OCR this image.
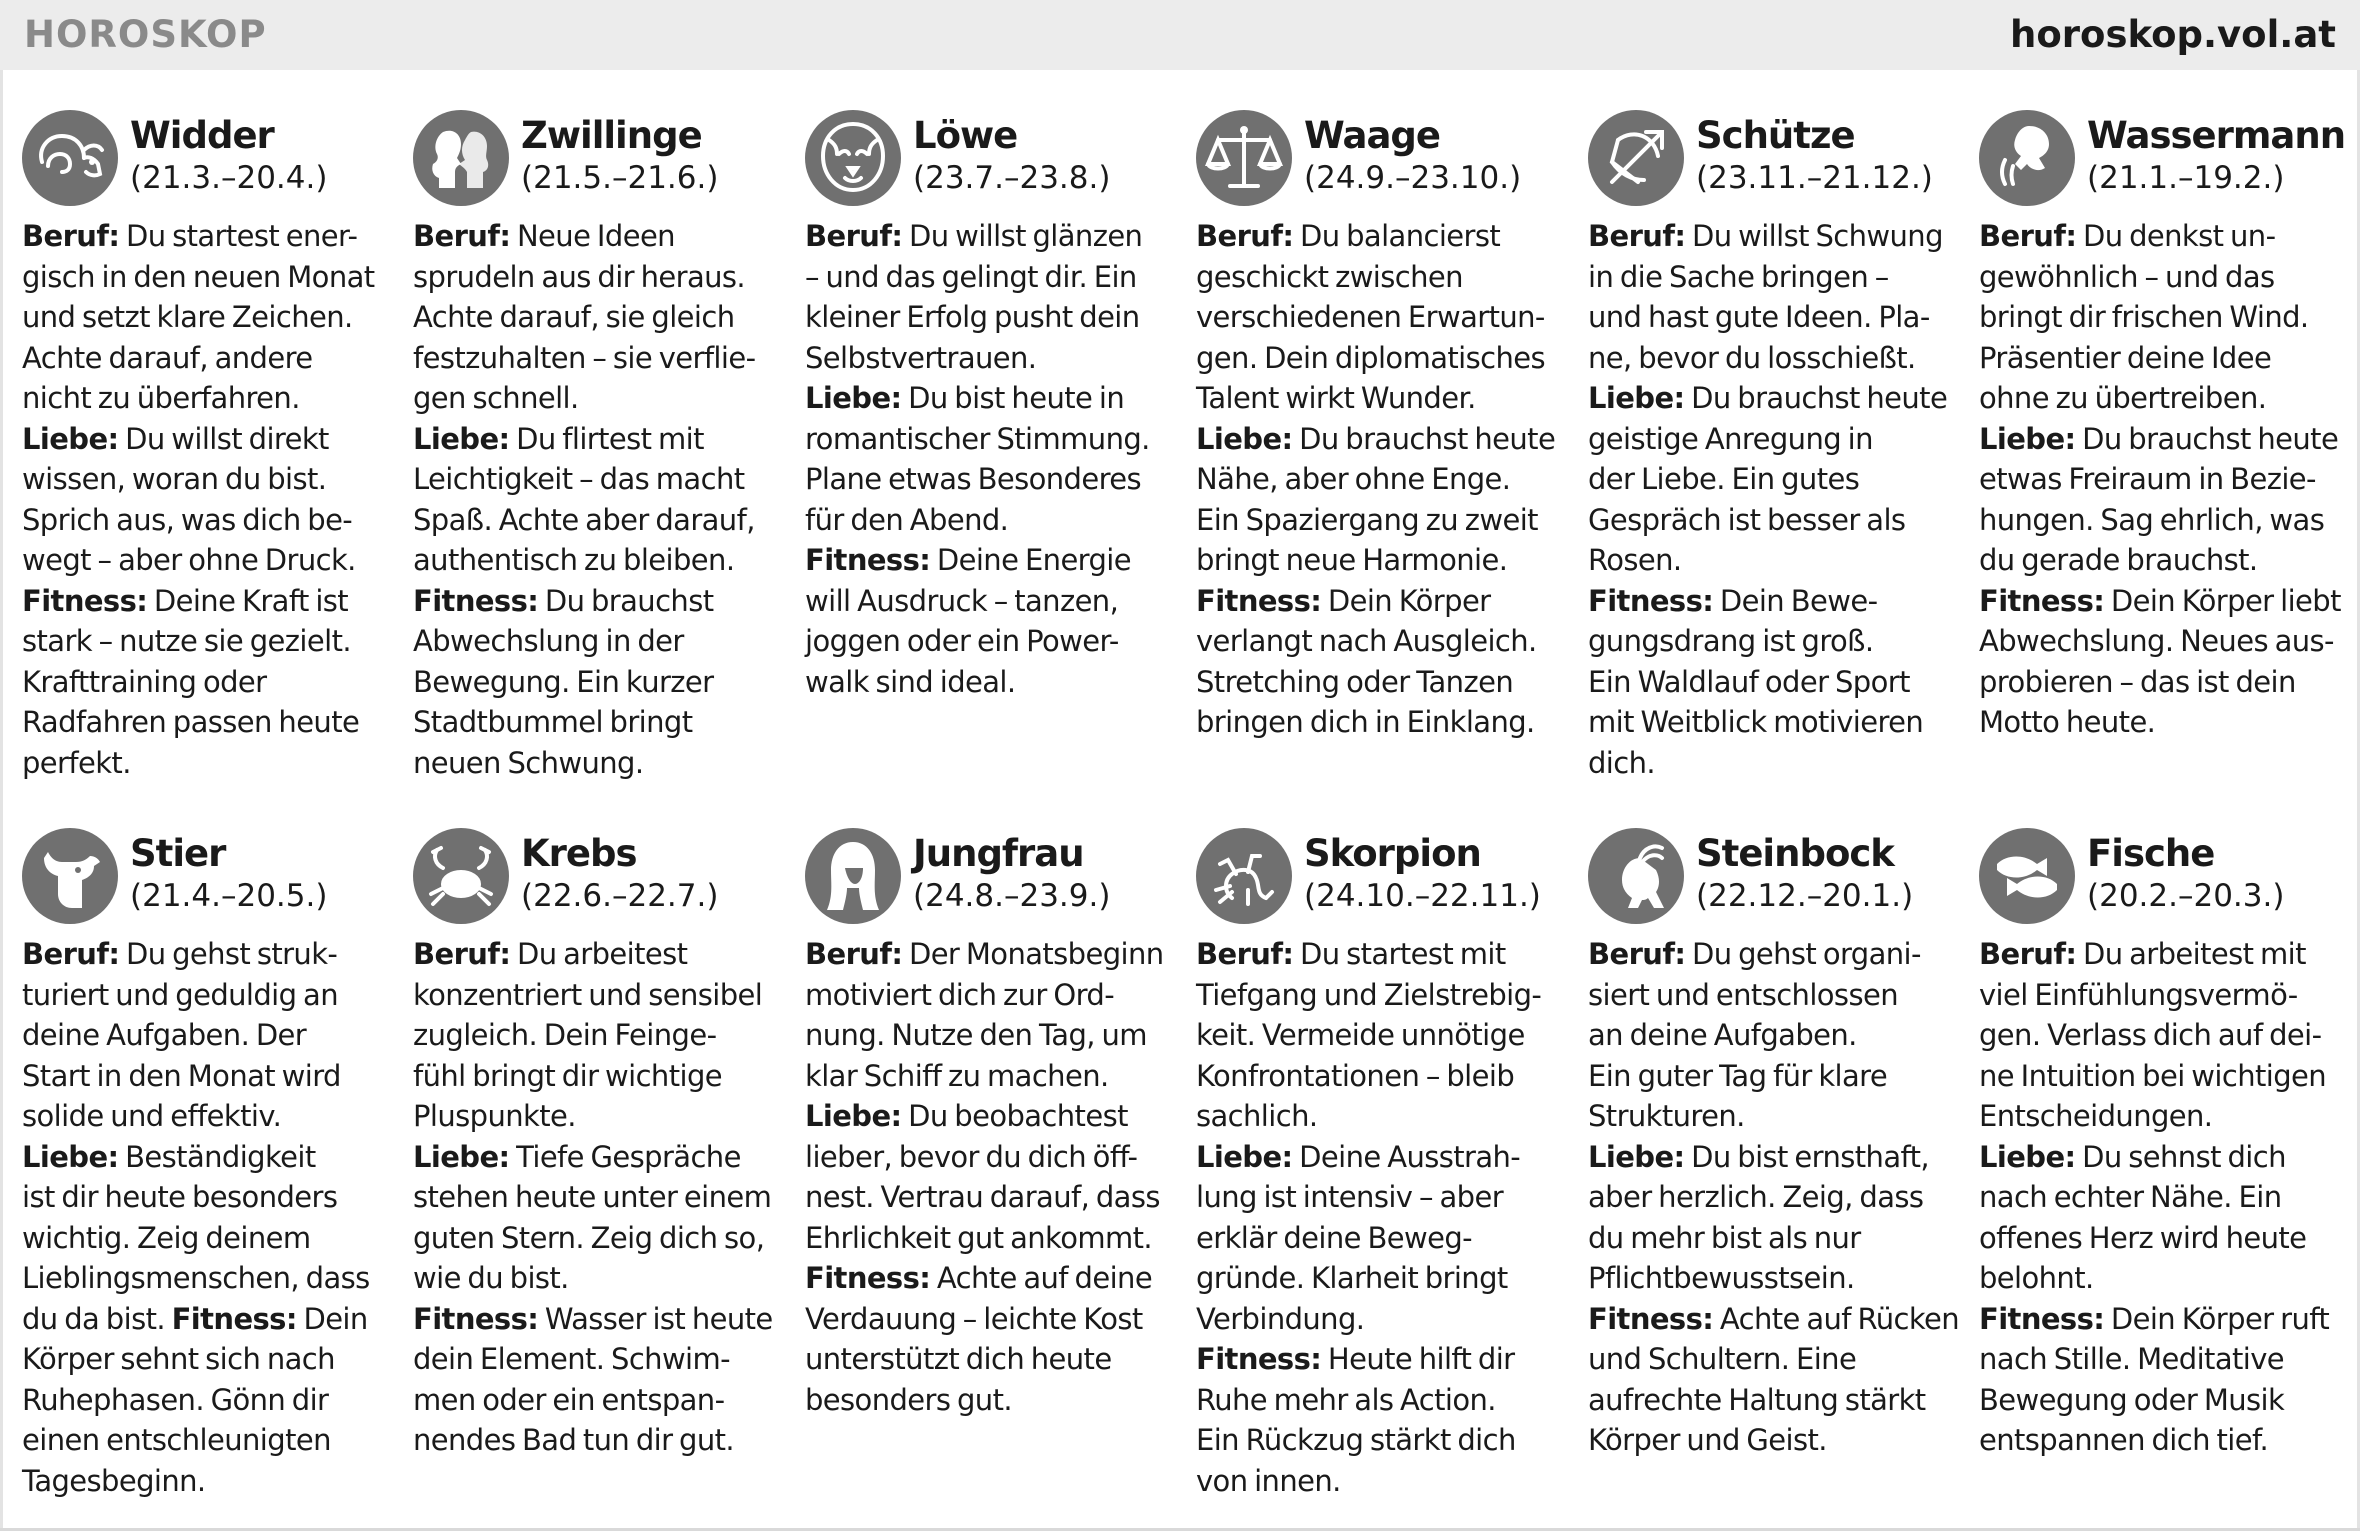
HOROSKOP	horoskop.vol.at
Widder
(21.3.–20.4.)

Beruf: Du startest ener-

gisch in den neuen Monat

und setzt klare Zeichen.

Achte darauf, andere

nicht zu überfahren.

Liebe: Du willst direkt

wissen, woran du bist.

Sprich aus, was dich be-

wegt – aber ohne Druck.

Fitness: Deine Kraft ist

stark – nutze sie gezielt.

Krafttraining oder

Radfahren passen heute

perfekt.

Zwillinge
(21.5.–21.6.)

Beruf: Neue Ideen

sprudeln aus dir heraus.

Achte darauf, sie gleich

festzuhalten – sie verflie-

gen schnell.

Liebe: Du flirtest mit

Leichtigkeit – das macht

Spaß. Achte aber darauf,

authentisch zu bleiben.

Fitness: Du brauchst

Abwechslung in der

Bewegung. Ein kurzer

Stadtbummel bringt

neuen Schwung.

Löwe
(23.7.–23.8.)

Beruf: Du willst glänzen

– und das gelingt dir. Ein

kleiner Erfolg pusht dein

Selbstvertrauen.

Liebe: Du bist heute in

romantischer Stimmung.

Plane etwas Besonderes

für den Abend.

Fitness: Deine Energie

will Ausdruck – tanzen,

joggen oder ein Power-

walk sind ideal.

Waage
(24.9.–23.10.)

Beruf: Du balancierst

geschickt zwischen

verschiedenen Erwartun-

gen. Dein diplomatisches

Talent wirkt Wunder.

Liebe: Du brauchst heute

Nähe, aber ohne Enge.

Ein Spaziergang zu zweit

bringt neue Harmonie.

Fitness: Dein Körper

verlangt nach Ausgleich.

Stretching oder Tanzen

bringen dich in Einklang.

Schütze
(23.11.–21.12.)

Beruf: Du willst Schwung

in die Sache bringen –

und hast gute Ideen. Pla-

ne, bevor du losschießt.

Liebe: Du brauchst heute

geistige Anregung in

der Liebe. Ein gutes

Gespräch ist besser als

Rosen.

Fitness: Dein Bewe-

gungsdrang ist groß.

Ein Waldlauf oder Sport

mit Weitblick motivieren

dich.

Wassermann
(21.1.–19.2.)

Beruf: Du denkst un-

gewöhnlich – und das

bringt dir frischen Wind.

Präsentier deine Idee

ohne zu übertreiben.

Liebe: Du brauchst heute

etwas Freiraum in Bezie-

hungen. Sag ehrlich, was

du gerade brauchst.

Fitness: Dein Körper liebt

Abwechslung. Neues aus-

probieren – das ist dein

Motto heute.

Stier
(21.4.–20.5.)

Beruf: Du gehst struk-

turiert und geduldig an

deine Aufgaben. Der

Start in den Monat wird

solide und effektiv.

Liebe: Beständigkeit

ist dir heute besonders

wichtig. Zeig deinem

Lieblingsmenschen, dass

du da bist. Fitness: Dein

Körper sehnt sich nach

Ruhephasen. Gönn dir

einen entschleunigten

Tagesbeginn.

Krebs
(22.6.–22.7.)

Beruf: Du arbeitest

konzentriert und sensibel

zugleich. Dein Feinge-

fühl bringt dir wichtige

Pluspunkte.

Liebe: Tiefe Gespräche

stehen heute unter einem

guten Stern. Zeig dich so,

wie du bist.

Fitness: Wasser ist heute

dein Element. Schwim-

men oder ein entspan-

nendes Bad tun dir gut.

Jungfrau
(24.8.–23.9.)

Beruf: Der Monatsbeginn

motiviert dich zur Ord-

nung. Nutze den Tag, um

klar Schiff zu machen.

Liebe: Du beobachtest

lieber, bevor du dich öff-

nest. Vertrau darauf, dass

Ehrlichkeit gut ankommt.

Fitness: Achte auf deine

Verdauung – leichte Kost

unterstützt dich heute

besonders gut.

Skorpion
(24.10.–22.11.)

Beruf: Du startest mit

Tiefgang und Zielstrebig-

keit. Vermeide unnötige

Konfrontationen – bleib

sachlich.

Liebe: Deine Ausstrah-

lung ist intensiv – aber

erklär deine Beweg-

gründe. Klarheit bringt

Verbindung.

Fitness: Heute hilft dir

Ruhe mehr als Action.

Ein Rückzug stärkt dich

von innen.

Steinbock
(22.12.–20.1.)

Beruf: Du gehst organi-

siert und entschlossen

an deine Aufgaben.

Ein guter Tag für klare

Strukturen.

Liebe: Du bist ernsthaft,

aber herzlich. Zeig, dass

du mehr bist als nur

Pflichtbewusstsein.

Fitness: Achte auf Rücken

und Schultern. Eine

aufrechte Haltung stärkt

Körper und Geist.

Fische
(20.2.–20.3.)

Beruf: Du arbeitest mit

viel Einfühlungsvermö-

gen. Verlass dich auf dei-

ne Intuition bei wichtigen

Entscheidungen.

Liebe: Du sehnst dich

nach echter Nähe. Ein

offenes Herz wird heute

belohnt.

Fitness: Dein Körper ruft

nach Stille. Meditative

Bewegung oder Musik

entspannen dich tief.
